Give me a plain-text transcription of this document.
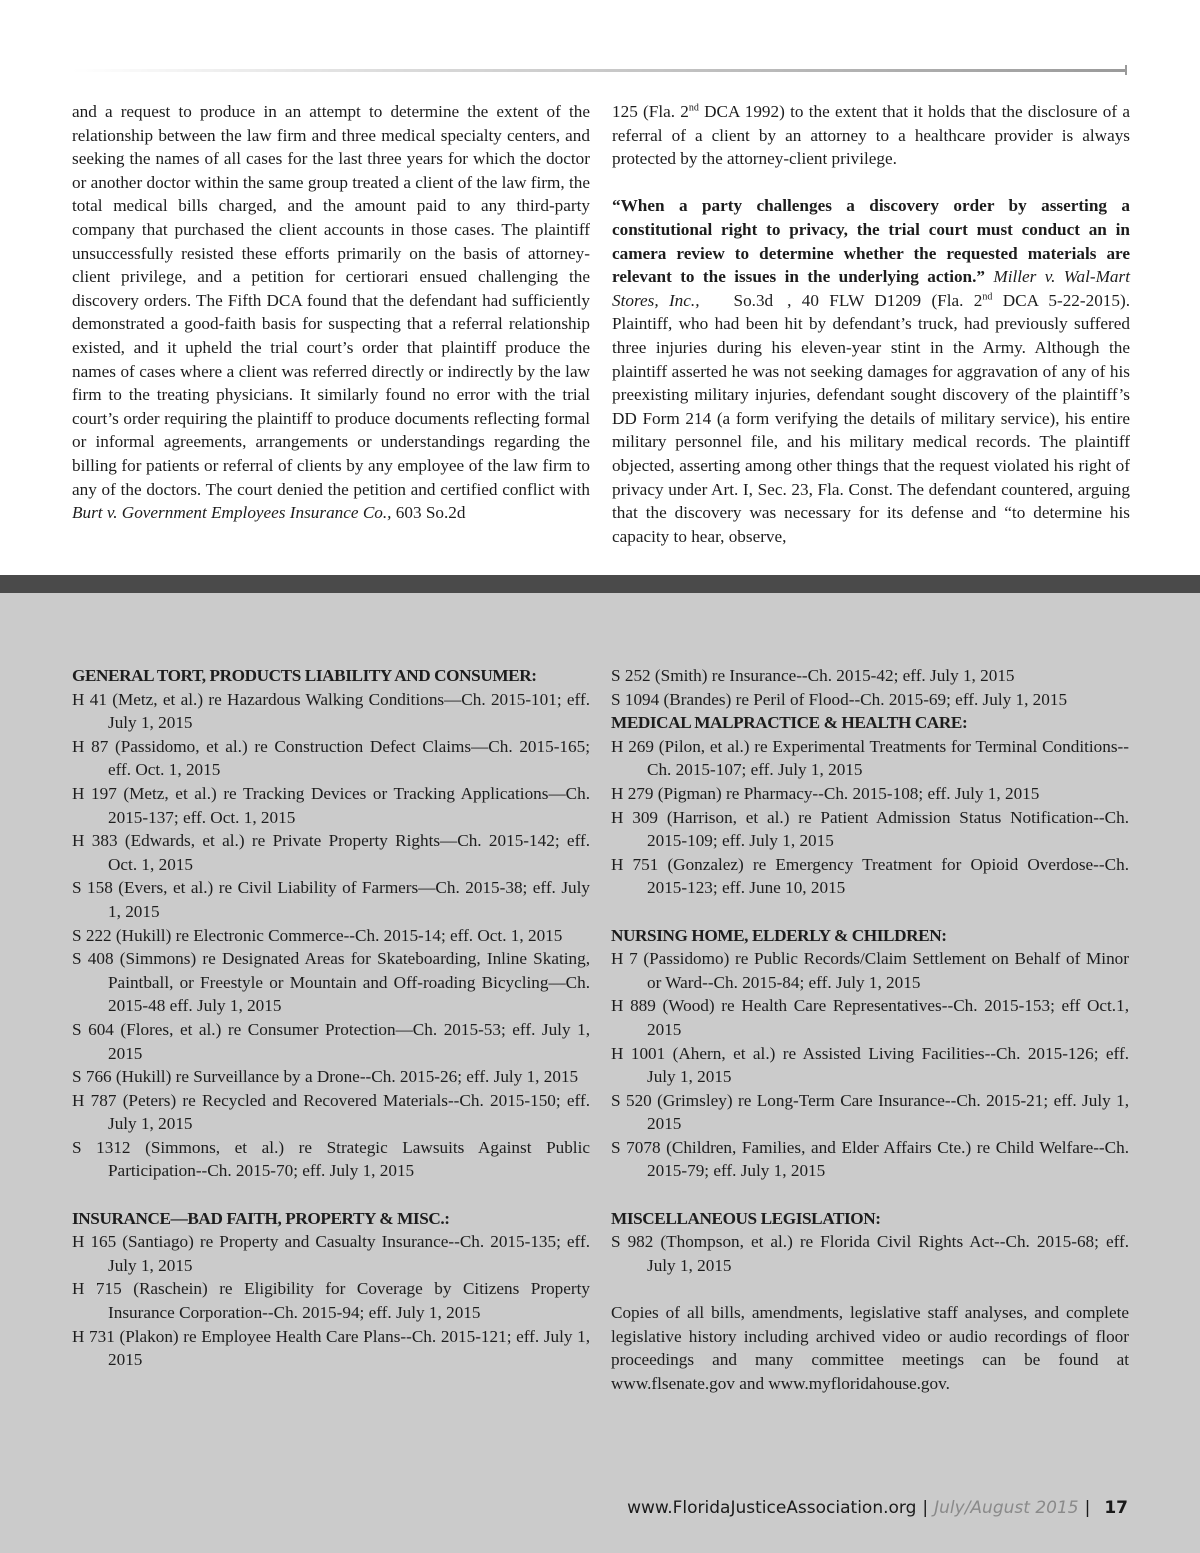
and a request to produce in an attempt to determine the extent of the relationship between the law firm and three medical specialty centers, and seeking the names of all cases for the last three years for which the doctor or another doctor within the same group treated a client of the law firm, the total medical bills charged, and the amount paid to any third-party company that purchased the client accounts in those cases. The plaintiff unsuccessfully resisted these efforts primarily on the basis of attorney-client privilege, and a petition for certiorari ensued challenging the discovery orders. The Fifth DCA found that the defendant had sufficiently demonstrated a good-faith basis for suspecting that a referral relationship existed, and it upheld the trial court’s order that plaintiff produce the names of cases where a client was referred directly or indirectly by the law firm to the treating physicians. It similarly found no error with the trial court’s order requiring the plaintiff to produce documents reflecting formal or informal agreements, arrangements or understandings regarding the billing for patients or referral of clients by any employee of the law firm to any of the doctors. The court denied the petition and certified conflict with Burt v. Government Employees Insurance Co., 603 So.2d

125 (Fla. 2nd DCA 1992) to the extent that it holds that the disclosure of a referral of a client by an attorney to a healthcare provider is always protected by the attorney-client privilege.

“When a party challenges a discovery order by asserting a constitutional right to privacy, the trial court must conduct an in camera review to determine whether the requested materials are relevant to the issues in the underlying action.” Miller v. Wal-Mart Stores, Inc., So.3d , 40 FLW D1209 (Fla. 2nd DCA 5-22-2015). Plaintiff, who had been hit by defendant’s truck, had previously suffered three injuries during his eleven-year stint in the Army. Although the plaintiff asserted he was not seeking damages for aggravation of any of his preexisting military injuries, defendant sought discovery of the plaintiff’s DD Form 214 (a form verifying the details of military service), his entire military personnel file, and his military medical records. The plaintiff objected, asserting among other things that the request violated his right of privacy under Art. I, Sec. 23, Fla. Const. The defendant countered, arguing that the discovery was necessary for its defense and “to determine his capacity to hear, observe,

GENERAL TORT, PRODUCTS LIABILITY AND CONSUMER:
H 41 (Metz, et al.) re Hazardous Walking Conditions—Ch. 2015-101; eff. July 1, 2015
H 87 (Passidomo, et al.) re Construction Defect Claims—Ch. 2015-165; eff. Oct. 1, 2015
H 197 (Metz, et al.) re Tracking Devices or Tracking Applications—Ch. 2015-137; eff. Oct. 1, 2015
H 383 (Edwards, et al.) re Private Property Rights—Ch. 2015-142; eff. Oct. 1, 2015
S 158 (Evers, et al.) re Civil Liability of Farmers—Ch. 2015-38; eff. July 1, 2015
S 222 (Hukill) re Electronic Commerce--Ch. 2015-14; eff. Oct. 1, 2015
S 408 (Simmons) re Designated Areas for Skateboarding, Inline Skating, Paintball, or Freestyle or Mountain and Off-roading Bicycling—Ch. 2015-48 eff. July 1, 2015
S 604 (Flores, et al.) re Consumer Protection—Ch. 2015-53; eff. July 1, 2015
S 766 (Hukill) re Surveillance by a Drone--Ch. 2015-26; eff. July 1, 2015
H 787 (Peters) re Recycled and Recovered Materials--Ch. 2015-150; eff. July 1, 2015
S 1312 (Simmons, et al.) re Strategic Lawsuits Against Public Participation--Ch. 2015-70; eff. July 1, 2015
INSURANCE—BAD FAITH, PROPERTY & MISC.:
H 165 (Santiago) re Property and Casualty Insurance--Ch. 2015-135; eff. July 1, 2015
H 715 (Raschein) re Eligibility for Coverage by Citizens Property Insurance Corporation--Ch. 2015-94; eff. July 1, 2015
H 731 (Plakon) re Employee Health Care Plans--Ch. 2015-121; eff. July 1, 2015
S 252 (Smith) re Insurance--Ch. 2015-42; eff. July 1, 2015
S 1094 (Brandes) re Peril of Flood--Ch. 2015-69; eff. July 1, 2015
MEDICAL MALPRACTICE & HEALTH CARE:
H 269 (Pilon, et al.) re Experimental Treatments for Terminal Conditions--Ch. 2015-107; eff. July 1, 2015
H 279 (Pigman) re Pharmacy--Ch. 2015-108; eff. July 1, 2015
H 309 (Harrison, et al.) re Patient Admission Status Notification--Ch. 2015-109; eff. July 1, 2015
H 751 (Gonzalez) re Emergency Treatment for Opioid Overdose--Ch. 2015-123; eff. June 10, 2015
NURSING HOME, ELDERLY & CHILDREN:
H 7 (Passidomo) re Public Records/Claim Settlement on Behalf of Minor or Ward--Ch. 2015-84; eff. July 1, 2015
H 889 (Wood) re Health Care Representatives--Ch. 2015-153; eff Oct.1, 2015
H 1001 (Ahern, et al.) re Assisted Living Facilities--Ch. 2015-126; eff. July 1, 2015
S 520 (Grimsley) re Long-Term Care Insurance--Ch. 2015-21; eff. July 1, 2015
S 7078 (Children, Families, and Elder Affairs Cte.) re Child Welfare--Ch. 2015-79; eff. July 1, 2015
MISCELLANEOUS LEGISLATION:
S 982 (Thompson, et al.) re Florida Civil Rights Act--Ch. 2015-68; eff. July 1, 2015
Copies of all bills, amendments, legislative staff analyses, and complete legislative history including archived video or audio recordings of floor proceedings and many committee meetings can be found at www.flsenate.gov and www.myfloridahouse.gov.
www.FloridaJusticeAssociation.org | July/August 2015 | 17
